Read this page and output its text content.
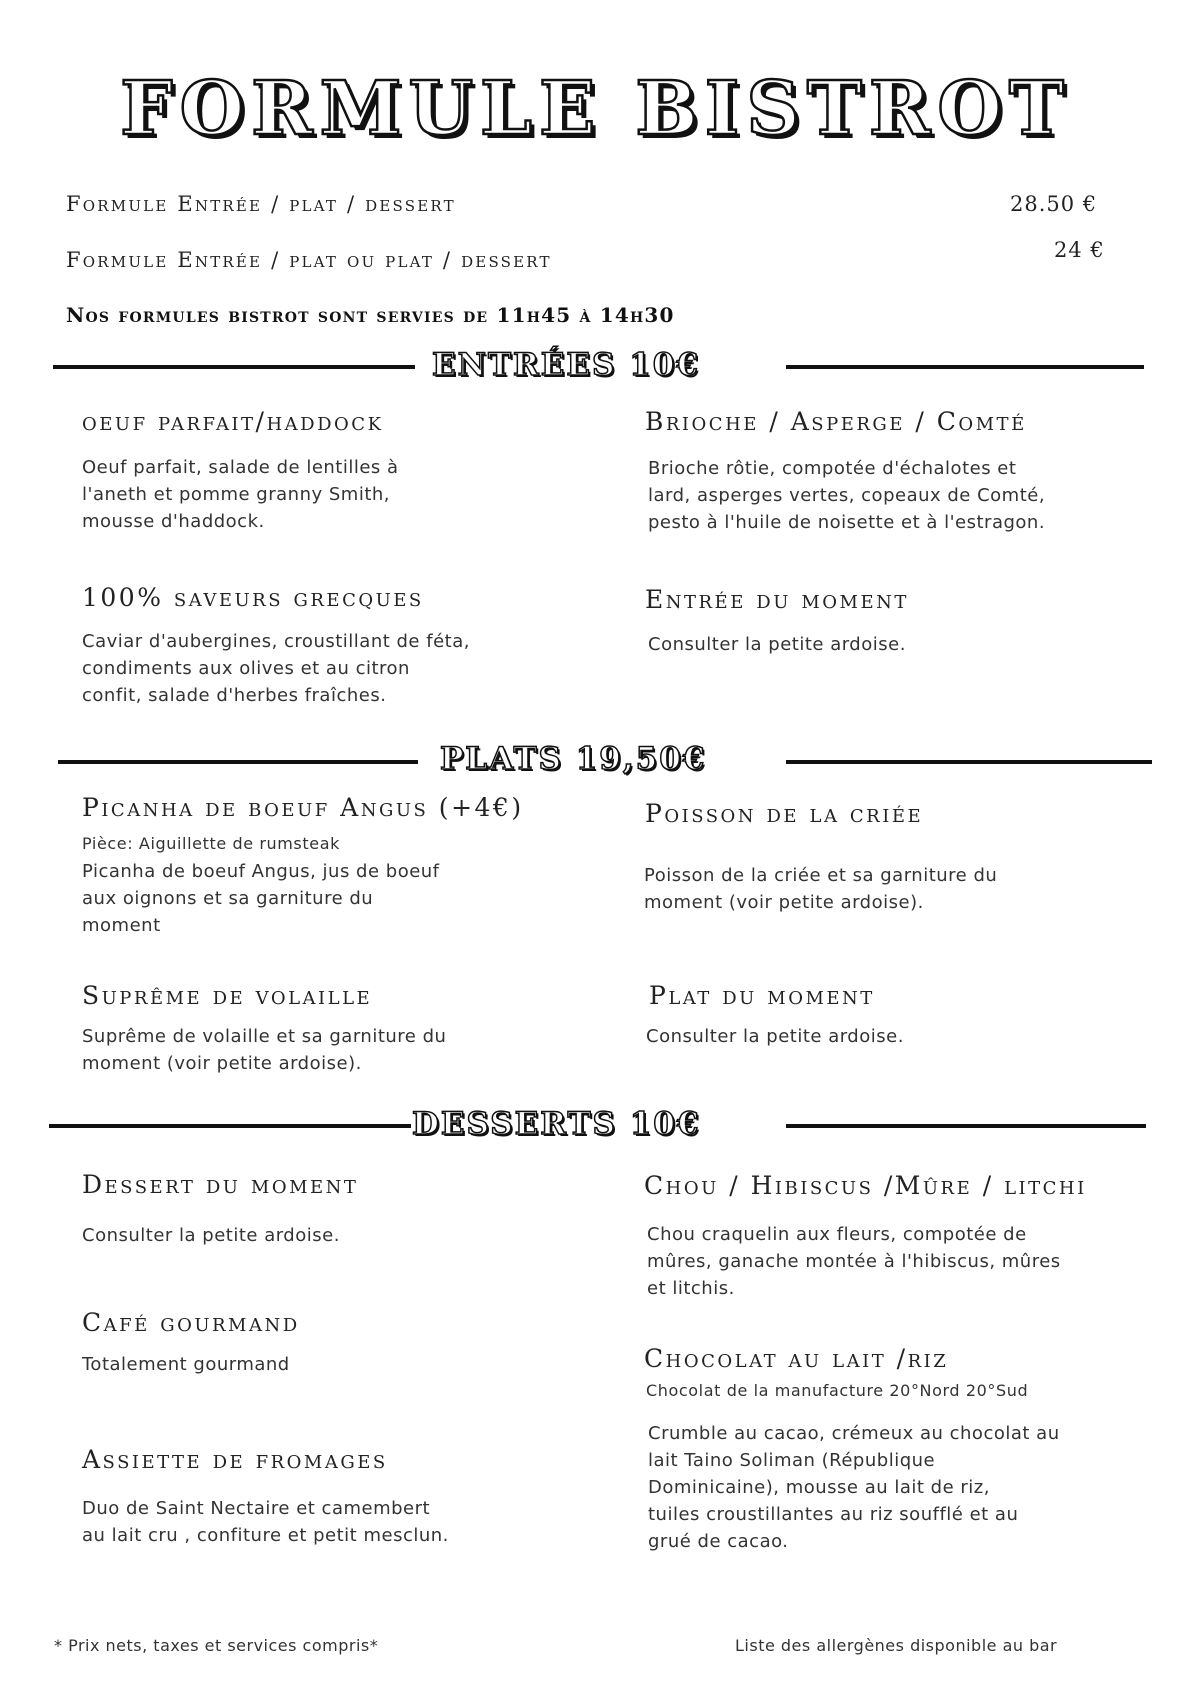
FORMULE BISTROT
Formule Entrée / plat / dessert	28.50 €
Formule Entrée / plat ou plat / dessert	24 €
Nos formules bistrot sont servies de 11h45 à 14h30
ENTRÉES 10€
oeuf parfait/haddock
Oeuf parfait, salade de lentilles à
l'aneth et pomme granny Smith,
mousse d'haddock.
Brioche / Asperge / Comté
Brioche rôtie, compotée d'échalotes et
lard, asperges vertes, copeaux de Comté,
pesto à l'huile de noisette et à l'estragon.
100% saveurs grecques
Caviar d'aubergines, croustillant de féta,
condiments aux olives et au citron
confit, salade d'herbes fraîches.
Entrée du moment
Consulter la petite ardoise.
PLATS 19,50€
Picanha de boeuf Angus (+4€)
Pièce: Aiguillette de rumsteak
Picanha de boeuf Angus, jus de boeuf
aux oignons et sa garniture du
moment
Poisson de la criée
Poisson de la criée et sa garniture du
moment (voir petite ardoise).
Suprême de volaille
Suprême de volaille et sa garniture du
moment (voir petite ardoise).
Plat du moment
Consulter la petite ardoise.
DESSERTS 10€
Dessert du moment
Consulter la petite ardoise.
Chou / Hibiscus /Mûre / litchi
Chou craquelin aux fleurs, compotée de
mûres, ganache montée à l'hibiscus, mûres
et litchis.
Café gourmand
Totalement gourmand	Chocolat au lait /riz
Chocolat de la manufacture 20°Nord 20°Sud
Crumble au cacao, crémeux au chocolat au
lait Taino Soliman (République
Dominicaine), mousse au lait de riz,
tuiles croustillantes au riz soufflé et au
grué de cacao.
Assiette de fromages
Duo de Saint Nectaire et camembert
au lait cru , confiture et petit mesclun.
* Prix nets, taxes et services compris*	Liste des allergènes disponible au bar
